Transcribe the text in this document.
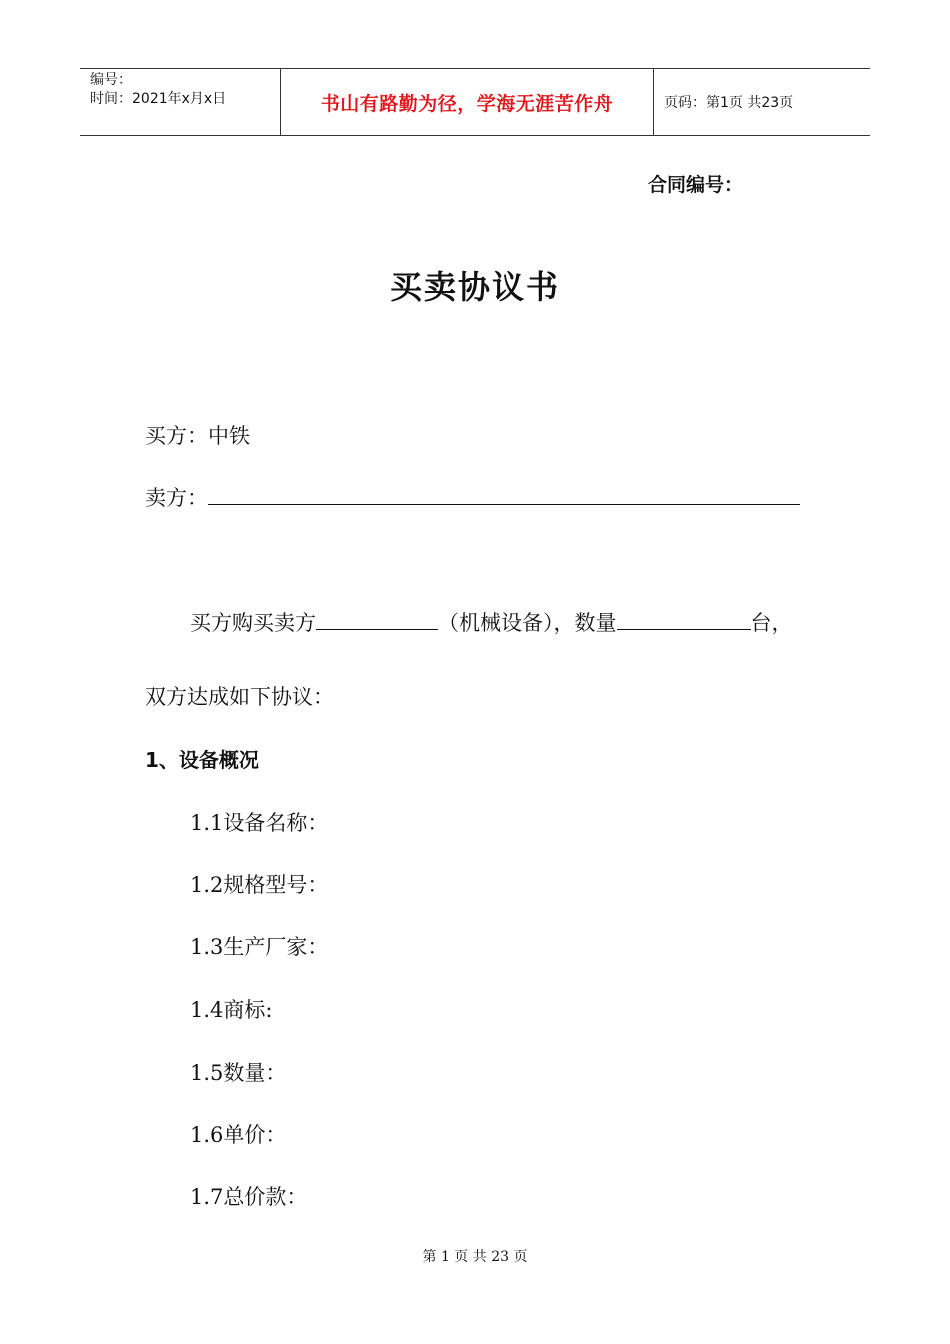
编号：
时间：2021年x月x日	书山有路勤为径，学海无涯苦作舟	页码：第1页 共23页
合同编号：
买卖协议书
买方：中铁
卖方：
买方购买卖方	（机械设备），数量	台，
双方达成如下协议：
1、设备概况
1.1设备名称：
1.2规格型号：
1.3生产厂家：
1.4商标:
1.5数量：
1.6单价：
1.7总价款：
第 1 页 共 23 页
